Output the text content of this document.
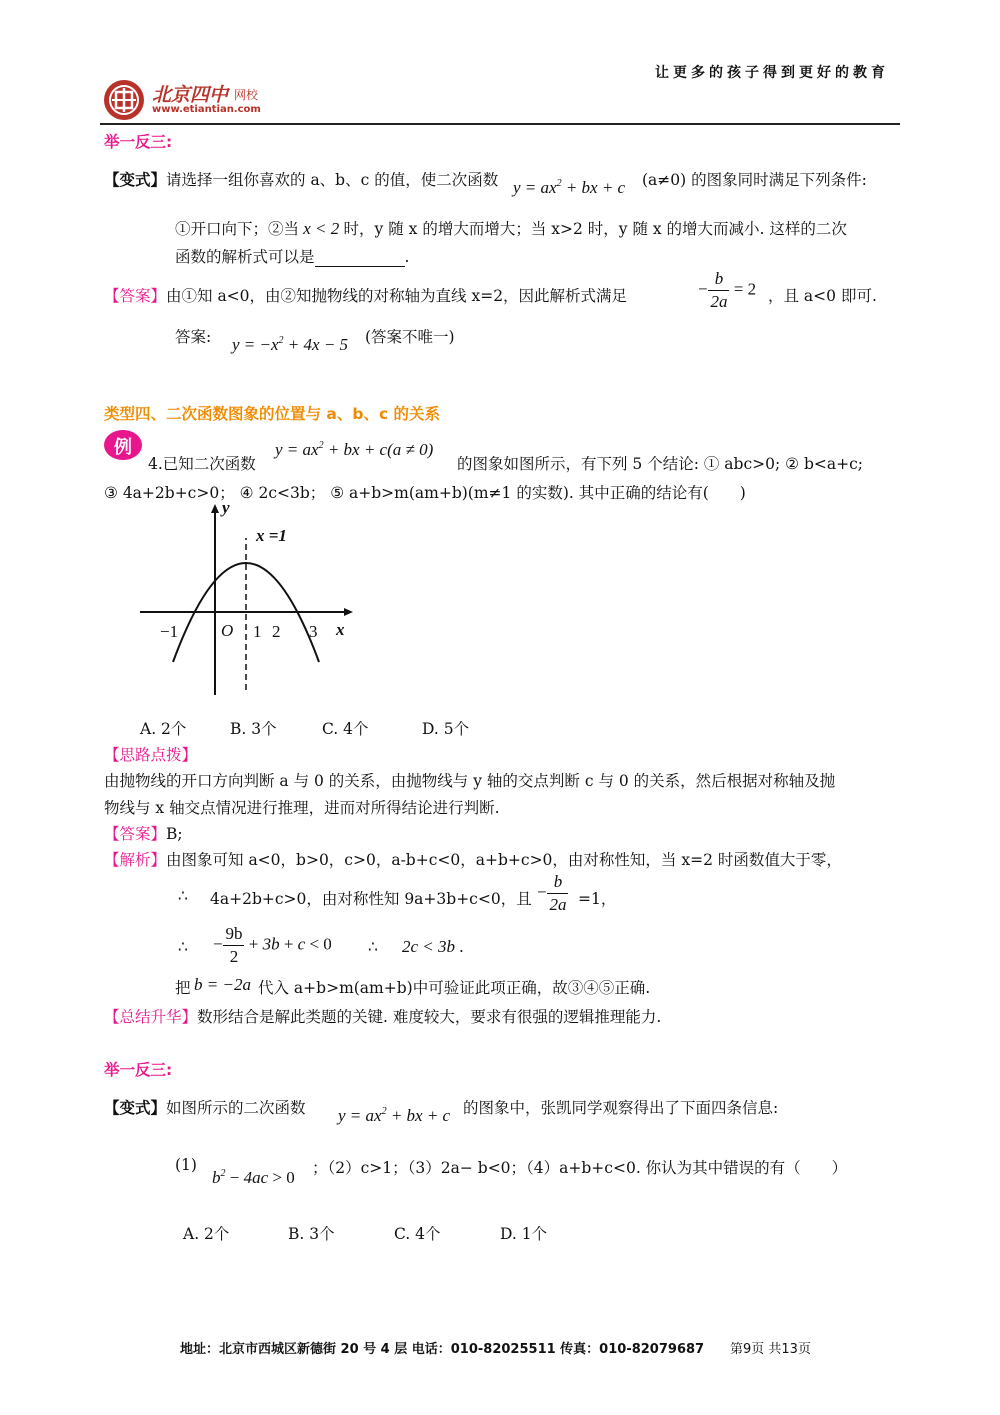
让更多的孩子得到更好的教育
北京四中 网校
www.etiantian.com
举一反三:
【变式】请选择一组你喜欢的 a、b、c 的值，使二次函数 $y = ax^2$ + bx + c (a≠0) 的图象同时满足下列条件:
①开口向下；②当 x < 2 时，y 随 x 的增大而增大；当 x>2 时，y 随 x 的增大而减小. 这样的二次
函数的解析式可以是	.
【答案】由①知 a<0，由②知抛物线的对称轴为直线 x=2，因此解析式满足	− $\frac{b}{2a} = 2$ ，且 a<0 即可.
答案: $y = -x^2 + 4x - 5$ (答案不唯一)
类型四、二次函数图象的位置与 a、b、c 的关系
例
4.已知二次函数
$y = ax^2$ + bx + c(a ≠ 0)
的图象如图所示，有下列 5 个结论: ① abc>0; ② b<a+c;
③ 4a+2b+c>0； ④ 2c<3b； ⑤ a+b>m(am+b)(m≠1 的实数). 其中正确的结论有(　　)
y
x =1
x
O
−1	1 2 3
A. 2个	B. 3个	C. 4个	D. 5个
【思路点拨】
由抛物线的开口方向判断 a 与 0 的关系，由抛物线与 y 轴的交点判断 c 与 0 的关系，然后根据对称轴及抛
物线与 x 轴交点情况进行推理，进而对所得结论进行判断.
【答案】B;
【解析】由图象可知 a<0，b>0，c>0，a-b+c<0，a+b+c>0，由对称性知，当 x=2 时函数值大于零，
∴ 4a+2b+c>0，由对称性知 9a+3b+c<0，且 − $\frac{b}{2a} =1$，
∴ − $\frac{9b}{2} + 3b + c < 0$ ∴ 2c < 3b .
把 b = −2a 代入 a+b>m(am+b)中可验证此项正确，故③④⑤正确.
【总结升华】数形结合是解此类题的关键. 难度较大，要求有很强的逻辑推理能力.
举一反三:
【变式】如图所示的二次函数 $y = ax^2$ + bx + c 的图象中，张凯同学观察得出了下面四条信息:
(1)
$b^2 - 4ac > 0$ ；（2）c>1；（3）2a− b<0；（4）a+b+c<0. 你认为其中错误的有（　　）
A. 2个	B. 3个	C. 4个	D. 1个
地址：北京市西城区新德街 20 号 4 层 电话：010-82025511 传真：010-82079687 第9页 共13页
